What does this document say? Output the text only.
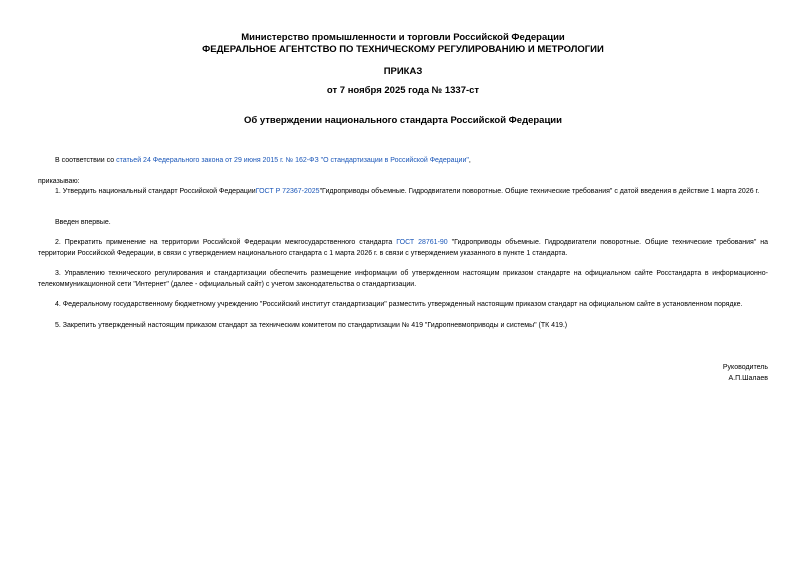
Министерство промышленности и торговли Российской Федерации
ФЕДЕРАЛЬНОЕ АГЕНТСТВО ПО ТЕХНИЧЕСКОМУ РЕГУЛИРОВАНИЮ И МЕТРОЛОГИИ
ПРИКАЗ
от 7 ноября 2025 года № 1337-ст
Об утверждении национального стандарта Российской Федерации
В соответствии со статьей 24 Федерального закона от 29 июня 2015 г. № 162-ФЗ "О стандартизации в Российской Федерации",
приказываю:
1. Утвердить национальный стандарт Российской ФедерацииГОСТ Р 72367-2025"Гидроприводы объемные. Гидродвигатели поворотные. Общие технические требования" с датой введения в действие 1 марта 2026 г.
Введен впервые.
2. Прекратить применение на территории Российской Федерации межгосударственного стандарта ГОСТ 28761-90 "Гидроприводы объемные. Гидродвигатели поворотные. Общие технические требования" на территории Российской Федерации, в связи с утверждением национального стандарта с 1 марта 2026 г. в связи с утверждением указанного в пункте 1 стандарта.
3. Управлению технического регулирования и стандартизации обеспечить размещение информации об утвержденном настоящим приказом стандарте на официальном сайте Росстандарта в информационно-телекоммуникационной сети "Интернет" (далее - официальный сайт) с учетом законодательства о стандартизации.
4. Федеральному государственному бюджетному учреждению "Российский институт стандартизации" разместить утвержденный настоящим приказом стандарт на официальном сайте в установленном порядке.
5. Закрепить утвержденный настоящим приказом стандарт за техническим комитетом по стандартизации № 419 "Гидропневмоприводы и системы" (ТК 419.)
Руководитель
А.П.Шалаев
